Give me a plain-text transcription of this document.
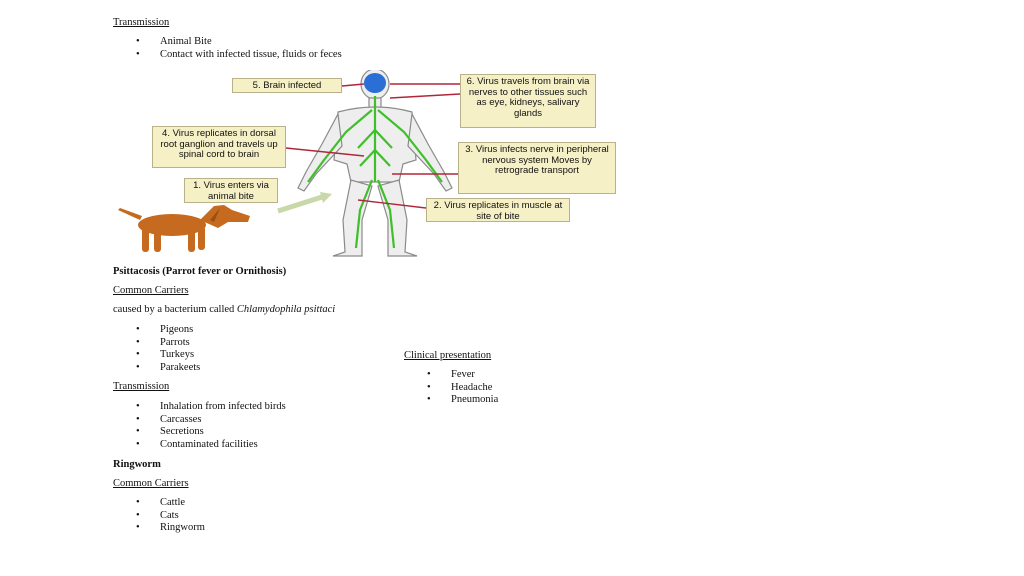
Transmission
• Animal Bite
• Contact with infected tissue, fluids or feces
5. Brain infected	6. Virus travels from brain via nerves to other tissues such as eye, kidneys, salivary glands
4. Virus replicates in dorsal root ganglion and travels up spinal cord to brain	3. Virus infects nerve in peripheral nervous system Moves by retrograde transport
1. Virus enters via animal bite
2. Virus replicates in muscle at site of bite
Psittacosis (Parrot fever or Ornithosis)
Common Carriers
caused by a bacterium called Chlamydophila psittaci
• Pigeons
• Parrots
• Turkeys
• Parakeets
Transmission
• Inhalation from infected birds
• Carcasses
• Secretions
• Contaminated facilities
Clinical presentation
• Fever
• Headache
• Pneumonia
Ringworm
Common Carriers
• Cattle
• Cats
• Ringworm
